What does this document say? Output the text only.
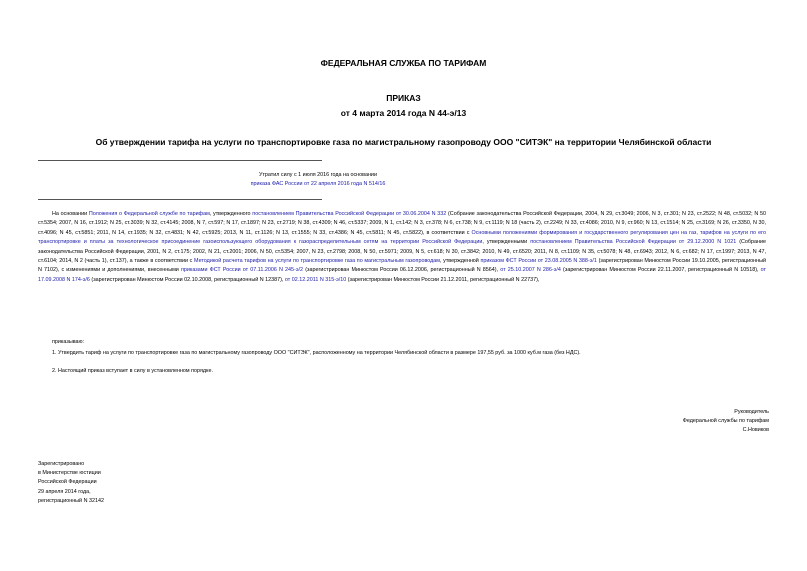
ФЕДЕРАЛЬНАЯ СЛУЖБА ПО ТАРИФАМ
ПРИКАЗ
от 4 марта 2014 года N 44-э/13
Об утверждении тарифа на услуги по транспортировке газа по магистральному газопроводу ООО "СИТЭК" на территории Челябинской области
Утратил силу с 1 июля 2016 года на основании
приказа ФАС России от 22 апреля 2016 года N 514/16
На основании Положения о Федеральной службе по тарифам, утвержденного постановлением Правительства Российской Федерации от 30.06.2004 N 332 (Собрание законодательства Российской Федерации, 2004, N 29, ст.3049; 2006, N 3, ст.301; N 23, ст.2522; N 48, ст.5032; N 50 ст.5354; 2007, N 16, ст.1912; N 25, ст.3039; N 32, ст.4145; 2008, N 7, ст.597; N 17, ст.1897; N 23, ст.2719; N 38, ст.4309; N 46, ст.5337; 2009, N 1, ст.142; N 3, ст.378; N 6, ст.738; N 9, ст.1119; N 18 (часть 2), ст.2249; N 33, ст.4086; 2010, N 9, ст.960; N 13, ст.1514; N 25, ст.3169; N 26, ст.3350, N 30, ст.4096; N 45, ст.5851; 2011, N 14, ст.1935; N 32, ст.4831; N 42, ст.5925; 2013, N 11, ст.1126; N 13, ст.1555; N 33, ст.4386; N 45, ст.5811; N 45, ст.5822), в соответствии с Основными положениями формирования и государственного регулирования цен на газ, тарифов на услуги по его транспортировке и платы за технологическое присоединение газоиспользующего оборудования к газораспределительным сетям на территории Российской Федерации, утвержденными постановлением Правительства Российской Федерации от 29.12.2000 N 1021 (Собрание законодательства Российской Федерации, 2001, N 2, ст.175; 2002, N 21, ст.2001; 2006, N 50, ст.5354; 2007, N 23, ст.2798; 2008, N 50, ст.5971; 2009, N 5, ст.618; N 30, ст.3842; 2010, N 49, ст.6520; 2011, N 8, ст.1109; N 35, ст.5078; N 48, ст.6943; 2012, N 6, ст.682; N 17, ст.1997; 2013, N 47, ст.6104; 2014, N 2 (часть 1), ст.137), а также в соответствии с Методикой расчета тарифов на услуги по транспортировке газа по магистральным газопроводам, утвержденной приказом ФСТ России от 23.08.2005 N 388-э/1 (зарегистрирован Минюстом России 19.10.2005, регистрационный N 7102), с изменениями и дополнениями, внесенными приказами ФСТ России от 07.11.2006 N 245-э/2 (зарегистрирован Минюстом России 06.12.2006, регистрационный N 8564), от 25.10.2007 N 286-э/4 (зарегистрирован Минюстом России 22.11.2007, регистрационный N 10518), от 17.09.2008 N 174-э/6 (зарегистрирован Минюстом России 02.10.2008, регистрационный N 12387), от 02.12.2011 N 315-э/10 (зарегистрирован Минюстом России 21.12.2011, регистрационный N 22737),
приказываю:
1. Утвердить тариф на услуги по транспортировке газа по магистральному газопроводу ООО "СИТЭК", расположенному на территории Челябинской области в размере 197,55 руб. за 1000 куб.м газа (без НДС).
2. Настоящий приказ вступает в силу в установленном порядке.
Руководитель
Федеральной службы по тарифам
С.Новиков
Зарегистрировано
в Министерстве юстиции
Российской Федерации
29 апреля 2014 года,
регистрационный N 32142
